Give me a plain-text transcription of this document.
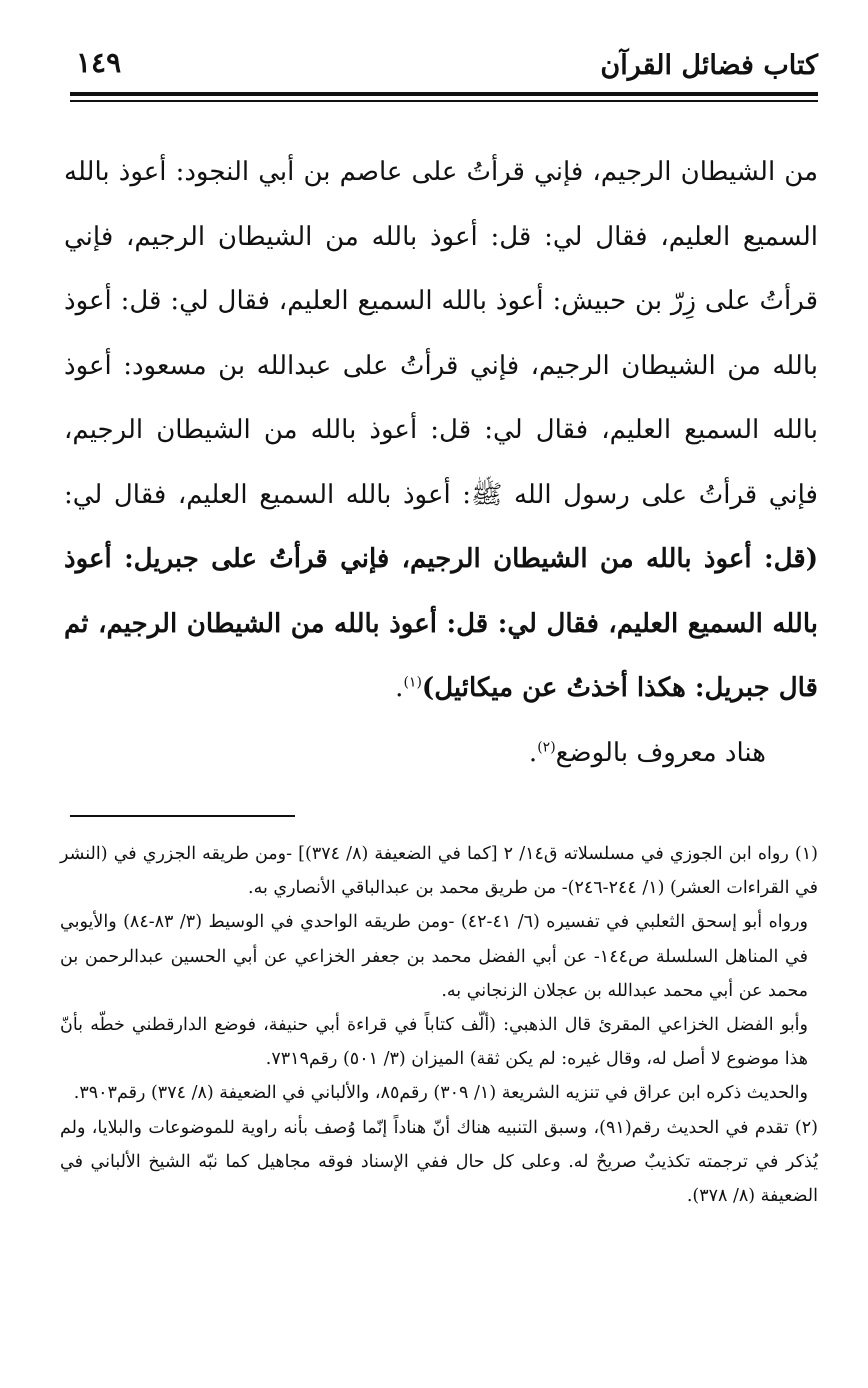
كتاب فضائل القرآن
١٤٩

من الشيطان الرجيم، فإني قرأتُ على عاصم بن أبي النجود: أعوذ بالله السميع العليم، فقال لي: قل: أعوذ بالله من الشيطان الرجيم، فإني قرأتُ على زِرّ بن حبيش: أعوذ بالله السميع العليم، فقال لي: قل: أعوذ بالله من الشيطان الرجيم، فإني قرأتُ على عبدالله بن مسعود: أعوذ بالله السميع العليم، فقال لي: قل: أعوذ بالله من الشيطان الرجيم، فإني قرأتُ على رسول الله ﷺ: أعوذ بالله السميع العليم، فقال لي: (قل: أعوذ بالله من الشيطان الرجيم، فإني قرأتُ على جبريل: أعوذ بالله السميع العليم، فقال لي: قل: أعوذ بالله من الشيطان الرجيم، ثم قال جبريل: هكذا أخذتُ عن ميكائيل)$^{(١)}$.

هناد معروف بالوضع$^{(٢)}$.

(١) رواه ابن الجوزي في مسلسلاته ق١٤/ ٢ [كما في الضعيفة (٨/ ٣٧٤)] -ومن طريقه الجزري في (النشر في القراءات العشر) (١/ ٢٤٤-٢٤٦)- من طريق محمد بن عبدالباقي الأنصاري به.

ورواه أبو إسحق الثعلبي في تفسيره (٦/ ٤١-٤٢) -ومن طريقه الواحدي في الوسيط (٣/ ٨٣-٨٤) والأيوبي في المناهل السلسلة ص١٤٤- عن أبي الفضل محمد بن جعفر الخزاعي عن أبي الحسين عبدالرحمن بن محمد عن أبي محمد عبدالله بن عجلان الزنجاني به.

وأبو الفضل الخزاعي المقرئ قال الذهبي: (ألّف كتاباً في قراءة أبي حنيفة، فوضع الدارقطني خطّه بأنّ هذا موضوع لا أصل له، وقال غيره: لم يكن ثقة) الميزان (٣/ ٥٠١) رقم٧٣١٩.

والحديث ذكره ابن عراق في تنزيه الشريعة (١/ ٣٠٩) رقم٨٥، والألباني في الضعيفة (٨/ ٣٧٤) رقم٣٩٠٣.

(٢) تقدم في الحديث رقم(٩١)، وسبق التنبيه هناك أنّ هناداً إنّما وُصف بأنه راوية للموضوعات والبلايا، ولم يُذكر في ترجمته تكذيبٌ صريحٌ له. وعلى كل حال ففي الإسناد فوقه مجاهيل كما نبّه الشيخ الألباني في الضعيفة (٨/ ٣٧٨).
